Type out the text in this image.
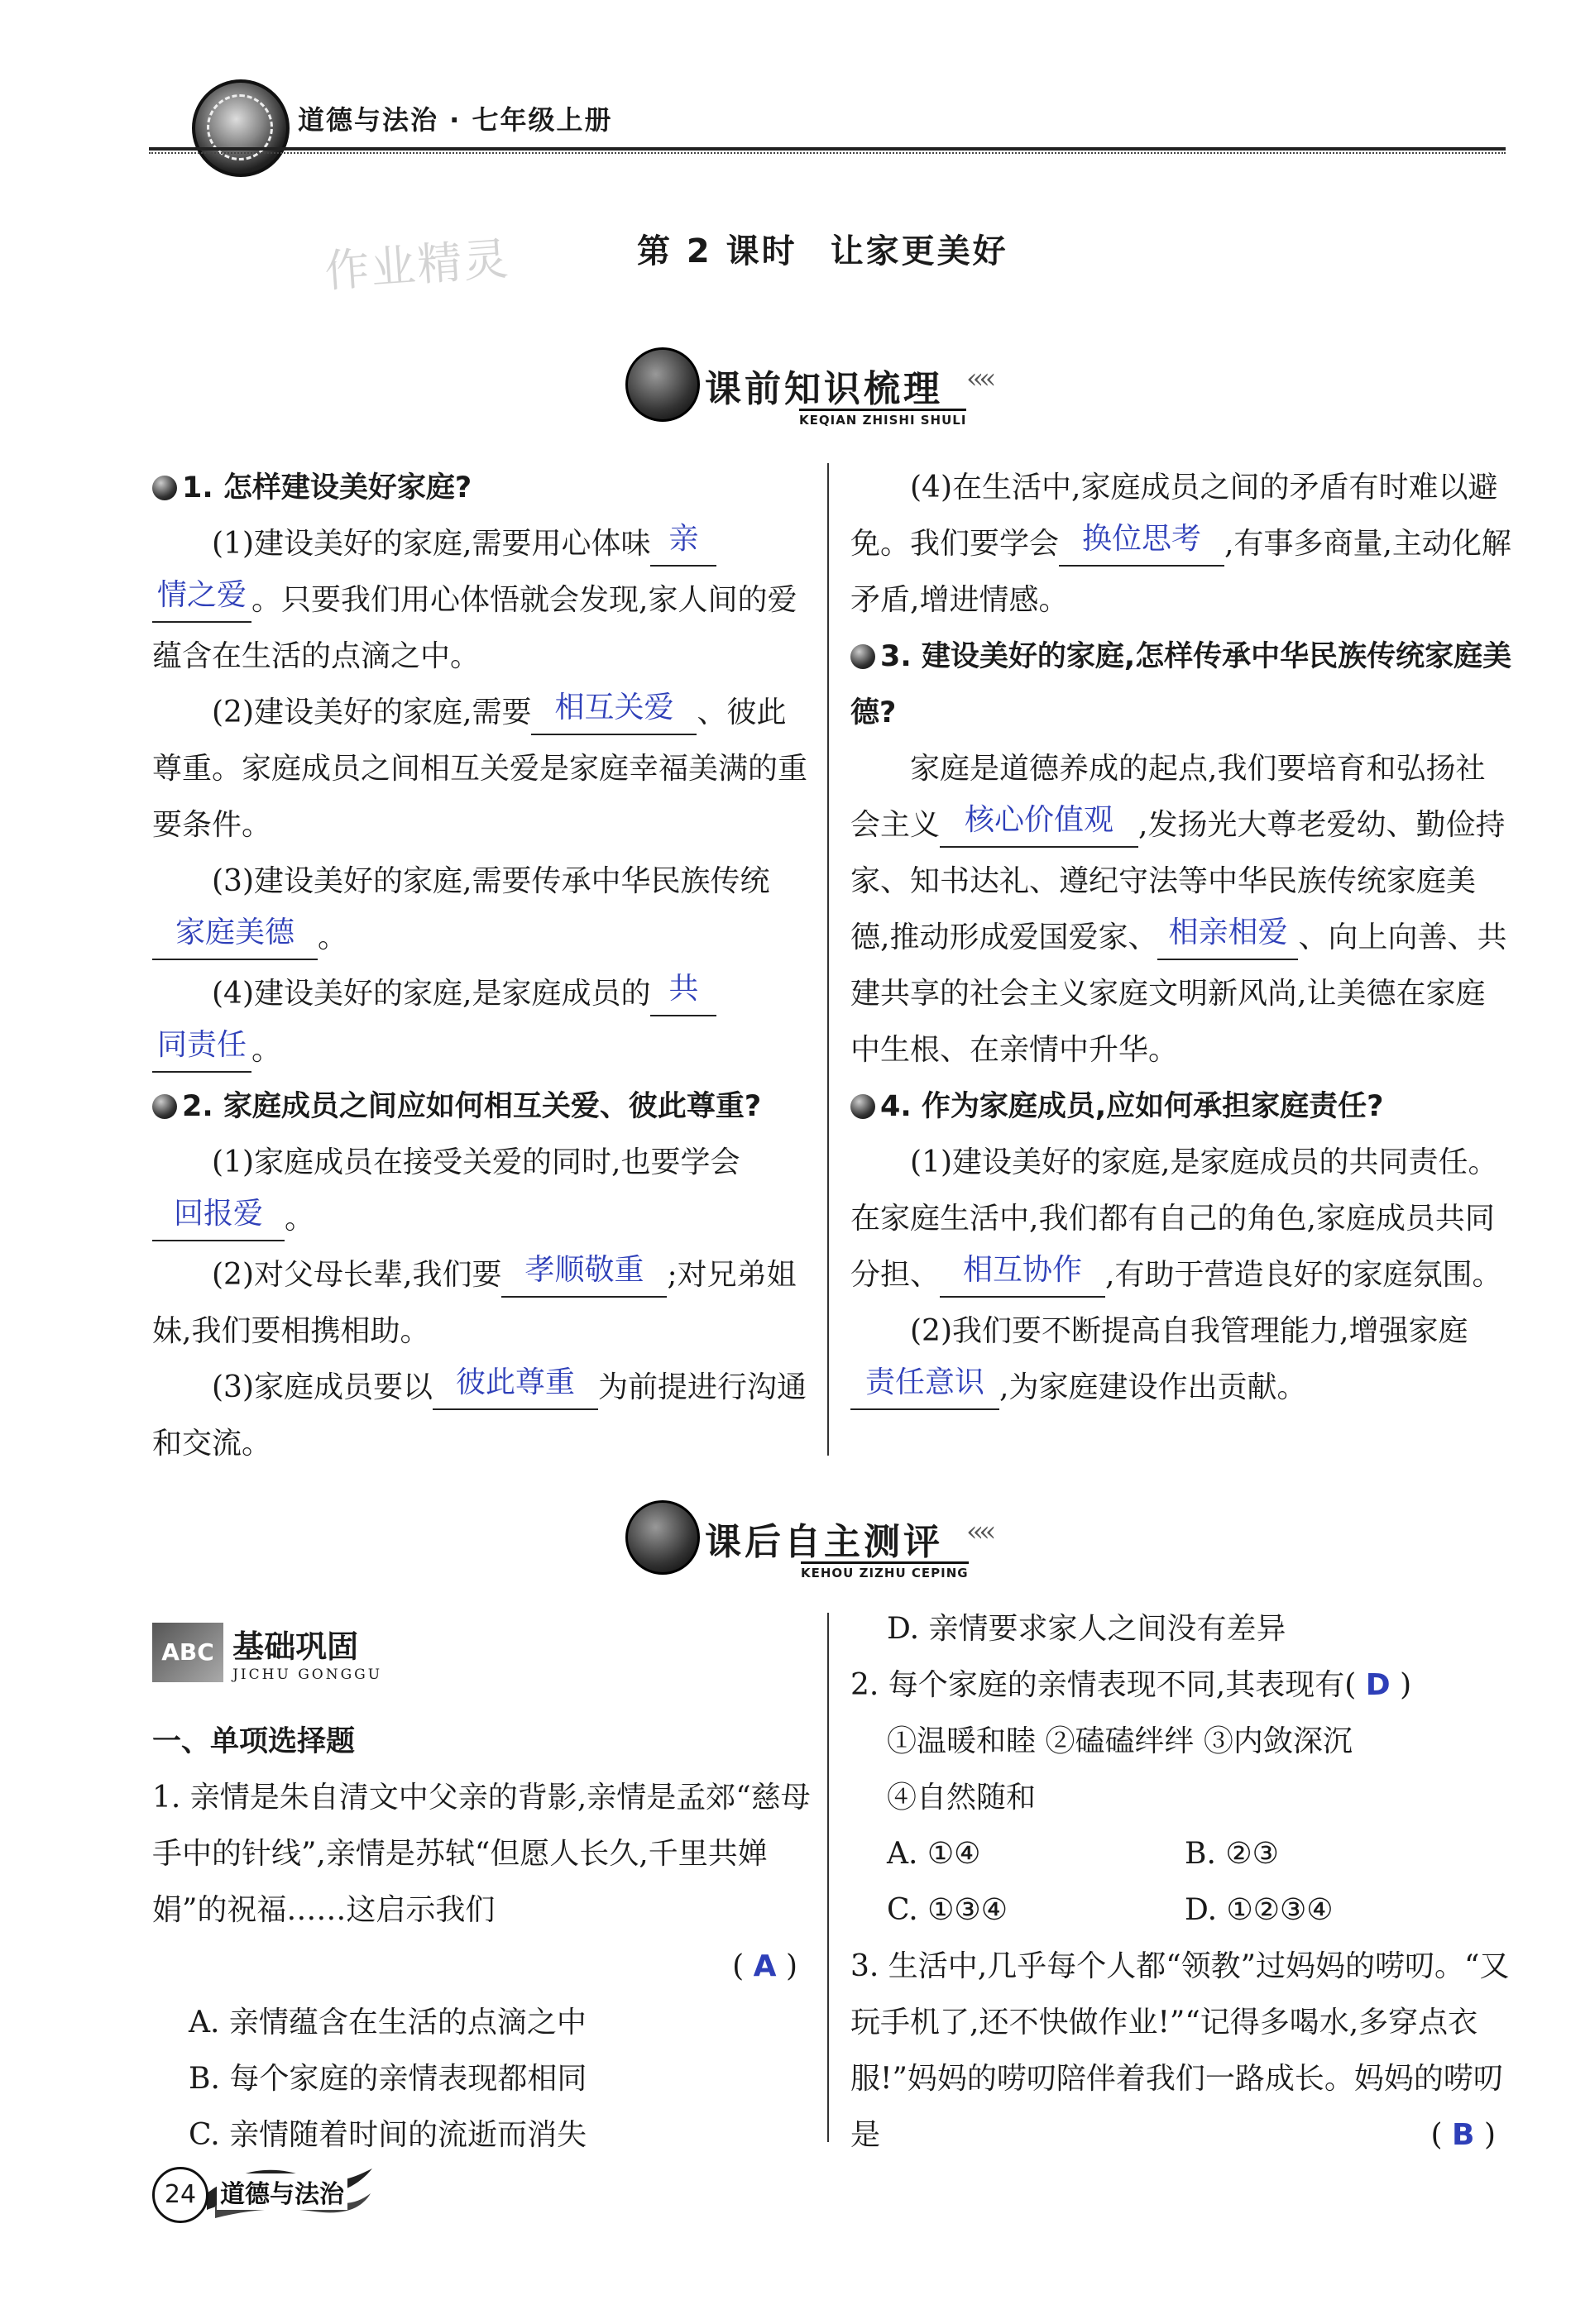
道德与法治 · 七年级上册
作业精灵	第 2 课时 让家更美好
课前知识梳理 ‹‹‹‹
KEQIAN ZHISHI SHULI

1. 怎样建设美好家庭?

(1)建设美好的家庭,需要用心体味 亲
情之爱 。只要我们用心体悟就会发现,家人间的爱蕴含在生活的点滴之中。

(2)建设美好的家庭,需要 相互关爱 、彼此尊重。家庭成员之间相互关爱是家庭幸福美满的重要条件。

(3)建设美好的家庭,需要传承中华民族传统家庭美德 。

(4)建设美好的家庭,是家庭成员的 共
同责任 。

2. 家庭成员之间应如何相互关爱、彼此尊重?

(1)家庭成员在接受关爱的同时,也要学会回报爱 。

(2)对父母长辈,我们要 孝顺敬重 ;对兄弟姐妹,我们要相携相助。

(3)家庭成员要以 彼此尊重 为前提进行沟通和交流。

(4)在生活中,家庭成员之间的矛盾有时难以避免。我们要学会 换位思考 ,有事多商量,主动化解矛盾,增进情感。

3. 建设美好的家庭,怎样传承中华民族传统家庭美德?

家庭是道德养成的起点,我们要培育和弘扬社会主义 核心价值观 ,发扬光大尊老爱幼、勤俭持家、知书达礼、遵纪守法等中华民族传统家庭美德,推动形成爱国爱家、 相亲相爱 、向上向善、共建共享的社会主义家庭文明新风尚,让美德在家庭中生根、在亲情中升华。

4. 作为家庭成员,应如何承担家庭责任?

(1)建设美好的家庭,是家庭成员的共同责任。在家庭生活中,我们都有自己的角色,家庭成员共同分担、 相互协作 ,有助于营造良好的家庭氛围。

(2)我们要不断提高自我管理能力,增强家庭责任意识 ,为家庭建设作出贡献。

课后自主测评 ‹‹‹‹
KEHOU ZIZHU CEPING
ABC 基础巩固
JICHU GONGGU

一、单项选择题

1. 亲情是朱自清文中父亲的背影,亲情是孟郊“慈母手中的针线”,亲情是苏轼“但愿人长久,千里共婵娟”的祝福……这启示我们

( A )

A. 亲情蕴含在生活的点滴之中

B. 每个家庭的亲情表现都相同

C. 亲情随着时间的流逝而消失

D. 亲情要求家人之间没有差异

2. 每个家庭的亲情表现不同,其表现有( D )

①温暖和睦 ②磕磕绊绊 ③内敛深沉

④自然随和

A. ①④	B. ②③

C. ①③④	D. ①②③④

3. 生活中,几乎每个人都“领教”过妈妈的唠叨。“又玩手机了,还不快做作业!”“记得多喝水,多穿点衣服!”妈妈的唠叨陪伴着我们一路成长。妈妈的唠叨是	( B )

24 道德与法治
